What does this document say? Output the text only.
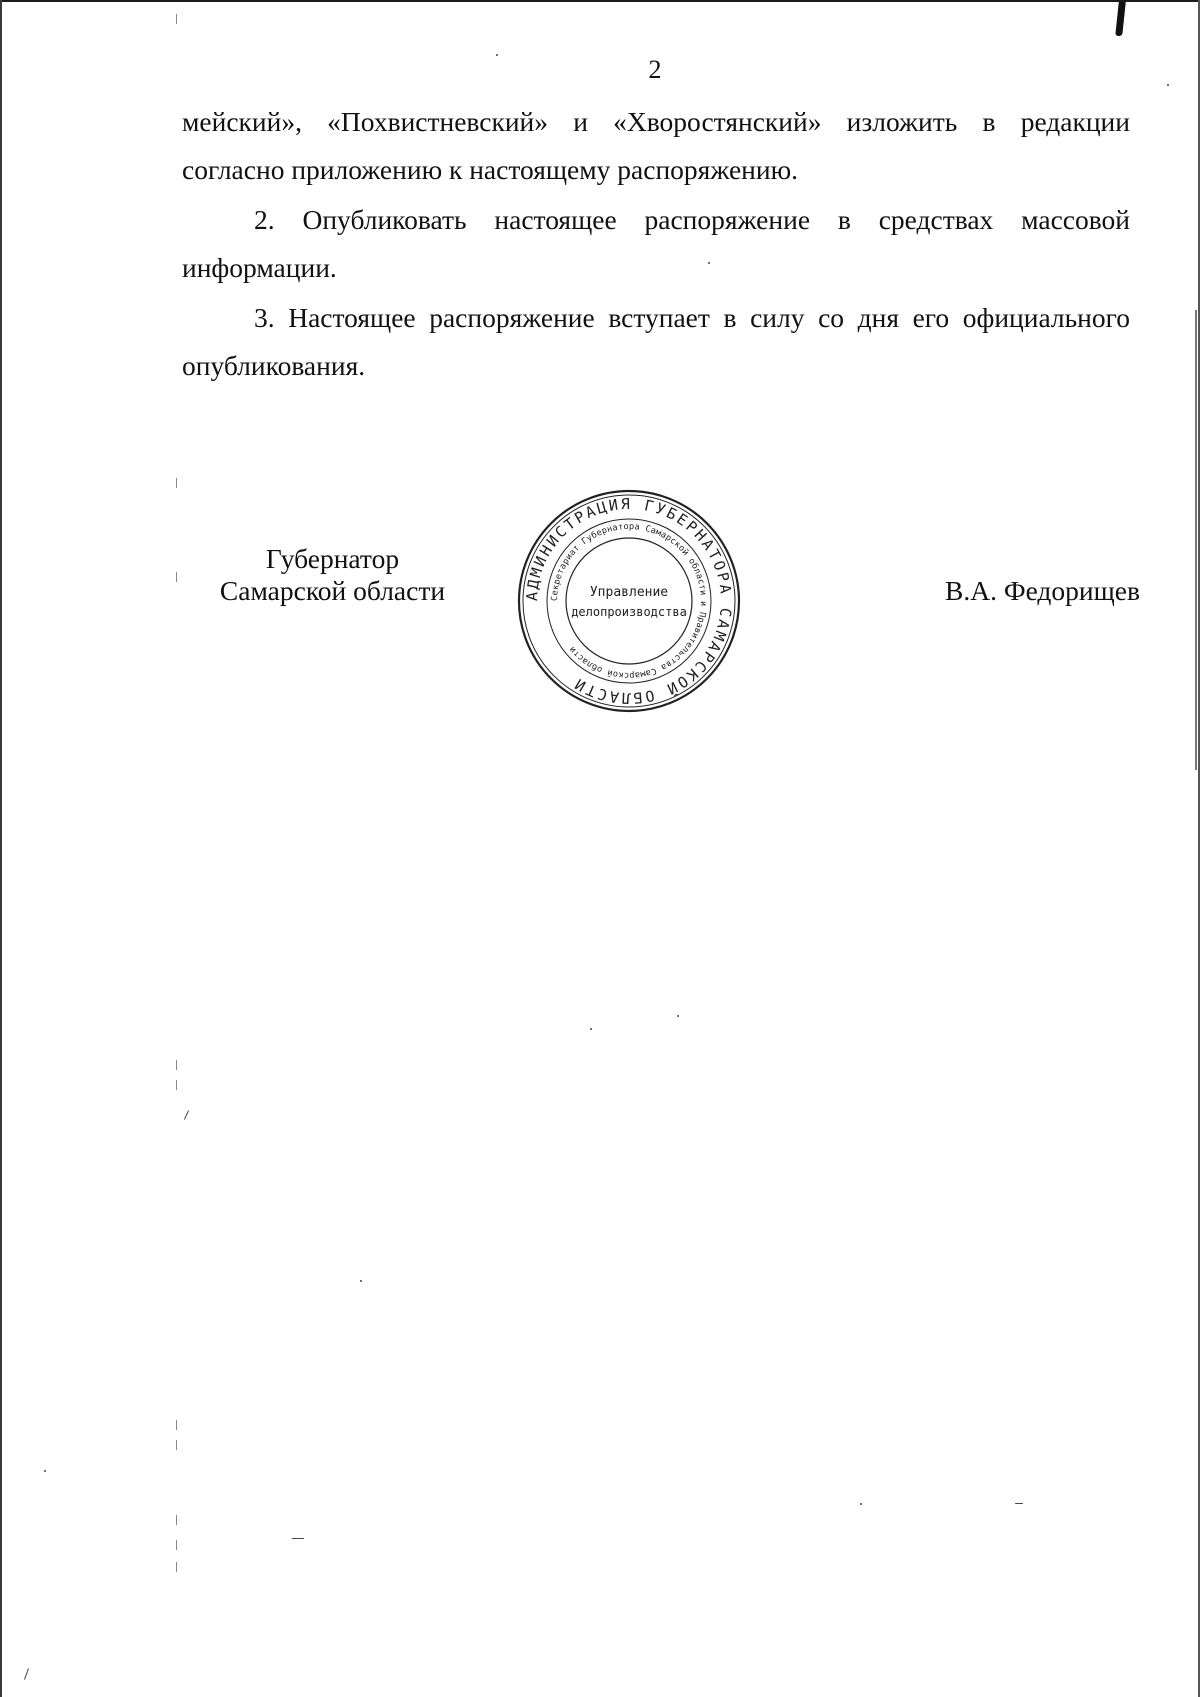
2

мейский», «Похвистневский» и «Хворостянский» изложить в редакции

согласно приложению к настоящему распоряжению.

2. Опубликовать настоящее распоряжение в средствах массовой информации.

3. Настоящее распоряжение вступает в силу со дня его официального опубликования.

Губернатор
Самарской области	В.А. Федорищев
АДМИНИСТРАЦИЯ ГУБЕРНАТОРА САМАРСКОЙ ОБЛАСТИ
Секретариат Губернатора Самарской области и Правительства Самарской области
Управление
делопроизводства
